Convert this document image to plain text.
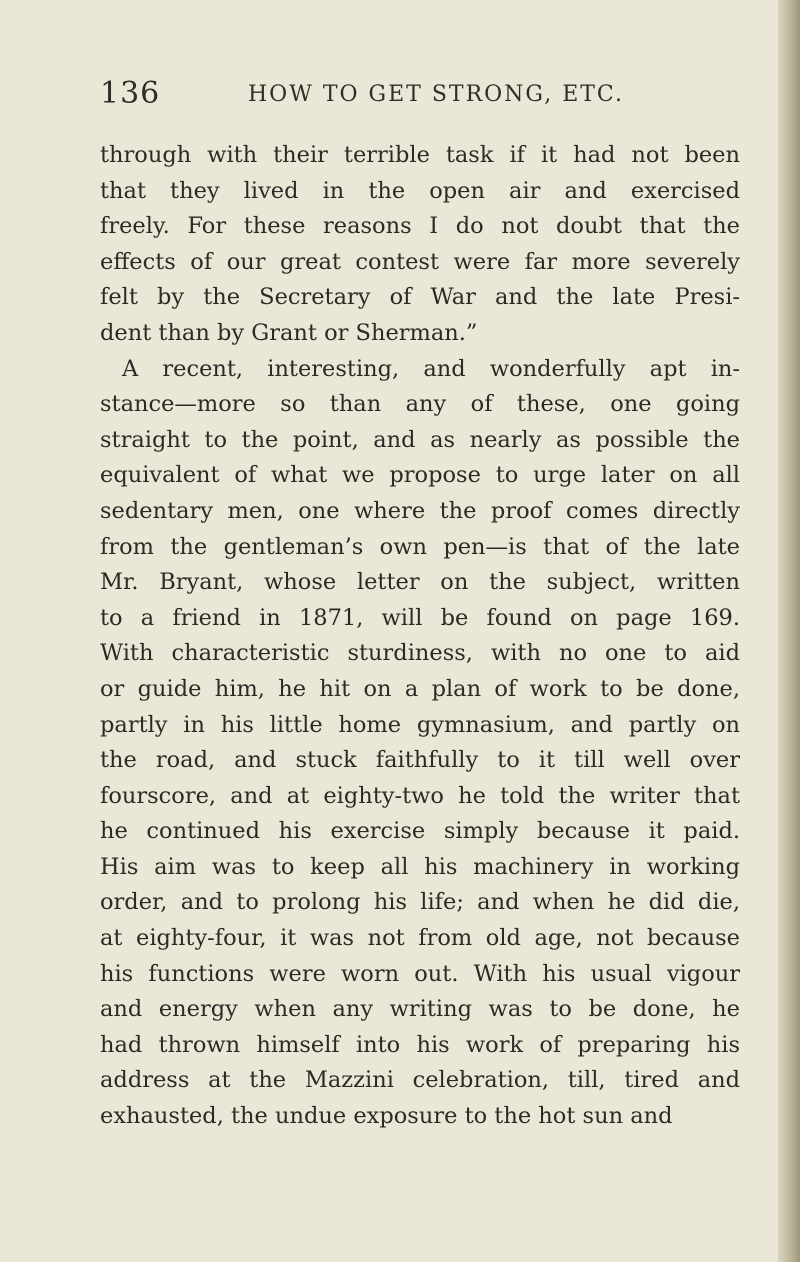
136	HOW TO GET STRONG, ETC.
through with their terrible task if it had not been
that they lived in the open air and exercised
freely. For these reasons I do not doubt that the
effects of our great contest were far more severely
felt by the Secretary of War and the late Presi-
dent than by Grant or Sherman.”
A recent, interesting, and wonderfully apt in-
stance—more so than any of these, one going
straight to the point, and as nearly as possible the
equivalent of what we propose to urge later on all
sedentary men, one where the proof comes directly
from the gentleman’s own pen—is that of the late
Mr. Bryant, whose letter on the subject, written
to a friend in 1871, will be found on page 169.
With characteristic sturdiness, with no one to aid
or guide him, he hit on a plan of work to be done,
partly in his little home gymnasium, and partly on
the road, and stuck faithfully to it till well over
fourscore, and at eighty-two he told the writer that
he continued his exercise simply because it paid.
His aim was to keep all his machinery in working
order, and to prolong his life; and when he did die,
at eighty-four, it was not from old age, not because
his functions were worn out. With his usual vigour
and energy when any writing was to be done, he
had thrown himself into his work of preparing his
address at the Mazzini celebration, till, tired and
exhausted, the undue exposure to the hot sun and
